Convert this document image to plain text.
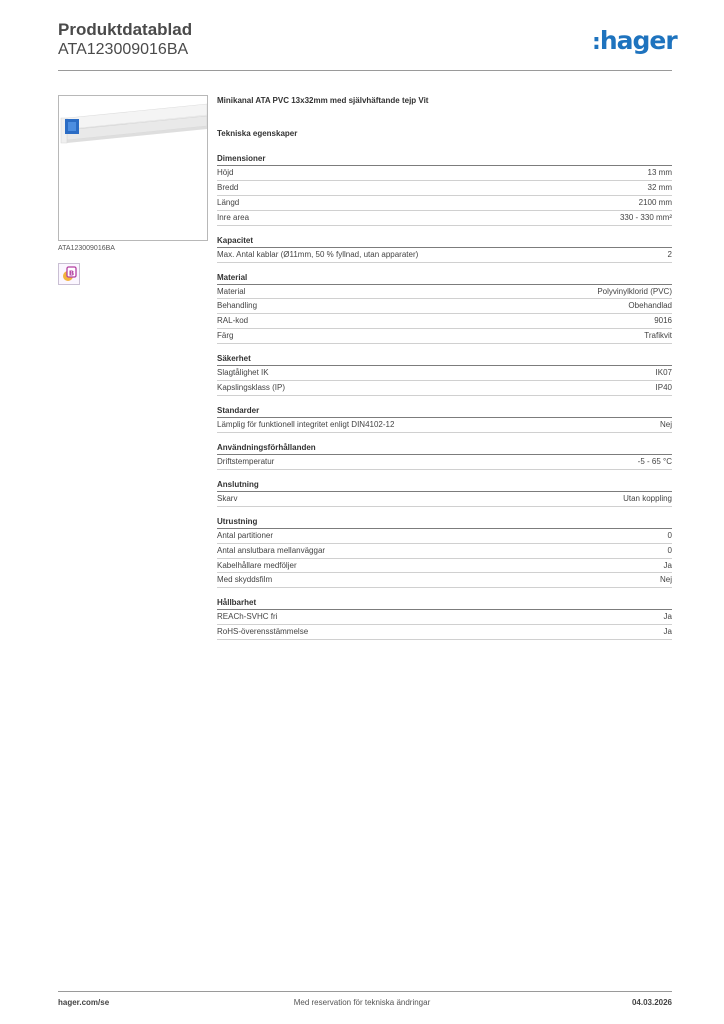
Produktdatablad
ATA123009016BA	:hager
ATA123009016BA
B
Minikanal ATA PVC 13x32mm med självhäftande tejp Vit
Tekniska egenskaper
Dimensioner
Höjd	13 mm
Bredd	32 mm
Längd	2100 mm
Inre area	330 - 330 mm²
Kapacitet
Max. Antal kablar (Ø11mm, 50 % fyllnad, utan apparater)	2
Material
Material	Polyvinylklorid (PVC)
Behandling	Obehandlad
RAL-kod	9016
Färg	Trafikvit
Säkerhet
Slagtålighet IK	IK07
Kapslingsklass (IP)	IP40
Standarder
Lämplig för funktionell integritet enligt DIN4102-12	Nej
Användningsförhållanden
Driftstemperatur	-5 - 65 °C
Anslutning
Skarv	Utan koppling
Utrustning
Antal partitioner	0
Antal anslutbara mellanväggar	0
Kabelhållare medföljer	Ja
Med skyddsfilm	Nej
Hållbarhet
REACh-SVHC fri	Ja
RoHS-överensstämmelse	Ja
hager.com/se	Med reservation för tekniska ändringar	04.03.2026
